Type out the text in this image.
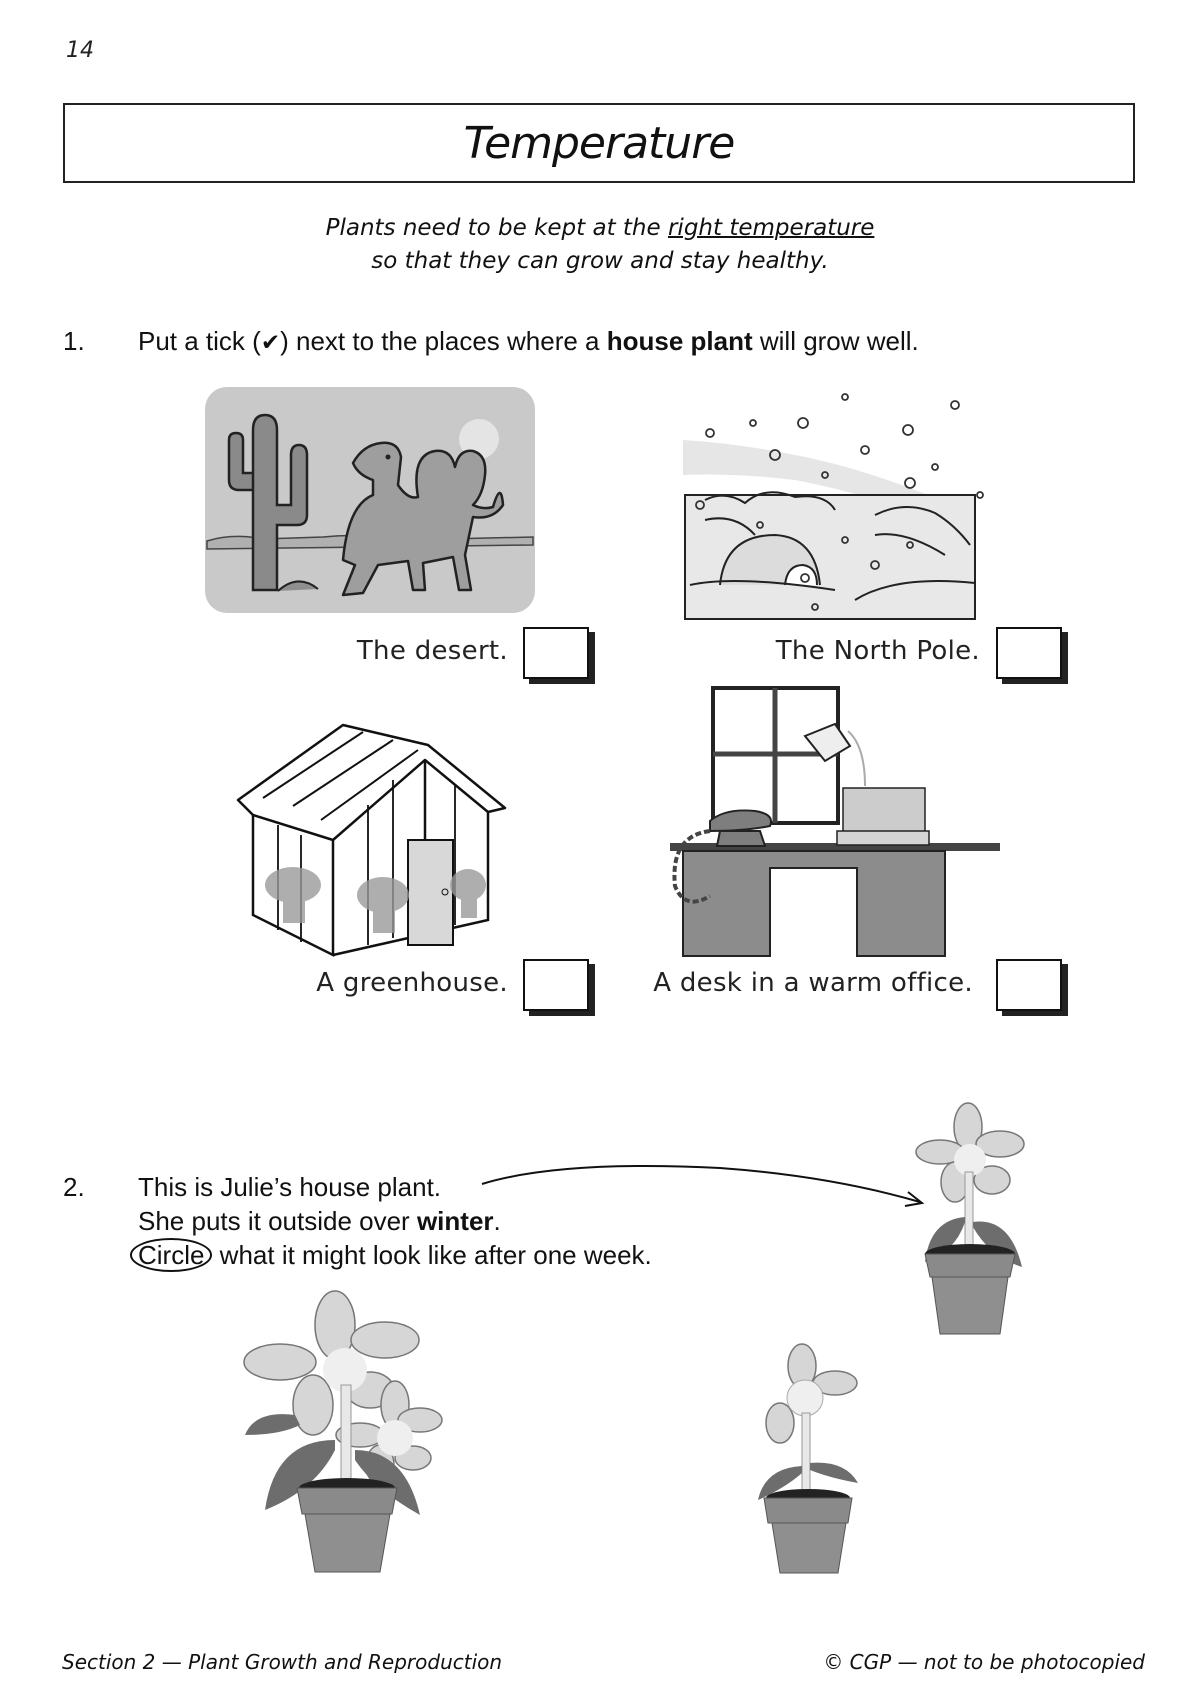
14
Temperature
Plants need to be kept at the right temperature
so that they can grow and stay healthy.
1. Put a tick (✔) next to the places where a house plant will grow well.
The desert.	The North Pole.
A greenhouse.	A desk in a warm office.
2. This is Julie’s house plant.
She puts it outside over winter.
Circle what it might look like after one week.
Section 2 — Plant Growth and Reproduction	© CGP — not to be photocopied
